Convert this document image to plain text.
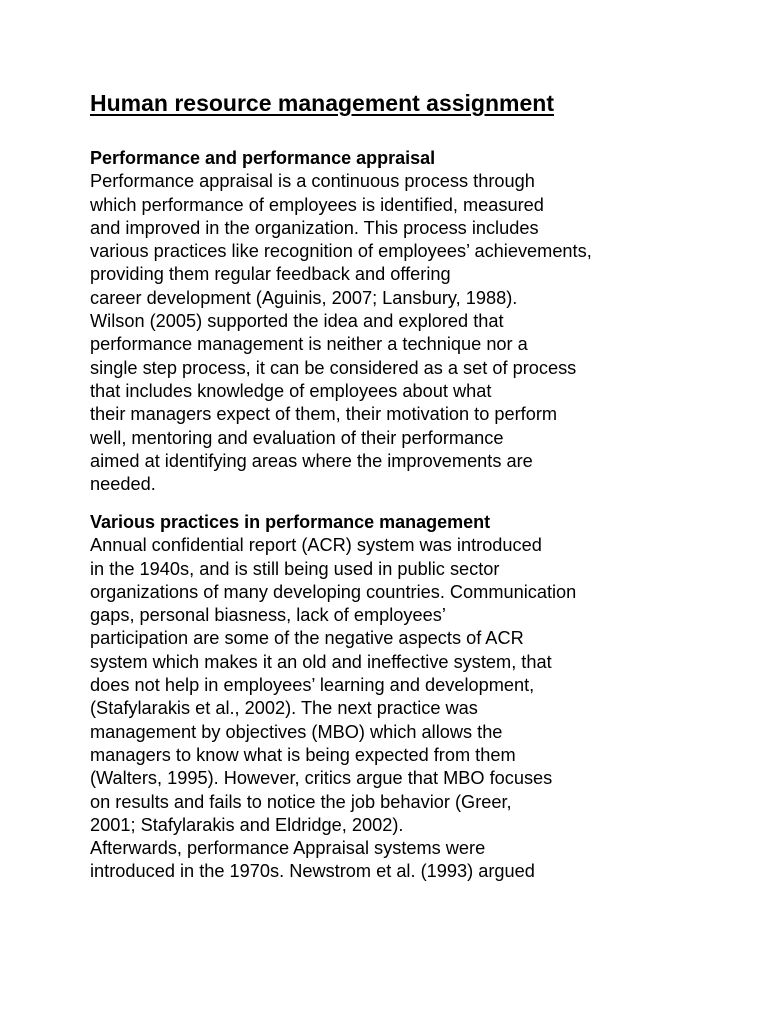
Human resource management assignment
Performance and performance appraisal

Performance appraisal is a continuous process through
which performance of employees is identified, measured
and improved in the organization. This process includes
various practices like recognition of employees’ achievements,
providing them regular feedback and offering
career development (Aguinis, 2007; Lansbury, 1988).
Wilson (2005) supported the idea and explored that
performance management is neither a technique nor a
single step process, it can be considered as a set of process
that includes knowledge of employees about what
their managers expect of them, their motivation to perform
well, mentoring and evaluation of their performance
aimed at identifying areas where the improvements are
needed.

Various practices in performance management

Annual confidential report (ACR) system was introduced
in the 1940s, and is still being used in public sector
organizations of many developing countries. Communication
gaps, personal biasness, lack of employees’
participation are some of the negative aspects of ACR
system which makes it an old and ineffective system, that
does not help in employees’ learning and development,
(Stafylarakis et al., 2002). The next practice was
management by objectives (MBO) which allows the
managers to know what is being expected from them
(Walters, 1995). However, critics argue that MBO focuses
on results and fails to notice the job behavior (Greer,
2001; Stafylarakis and Eldridge, 2002).
Afterwards, performance Appraisal systems were
introduced in the 1970s. Newstrom et al. (1993) argued
